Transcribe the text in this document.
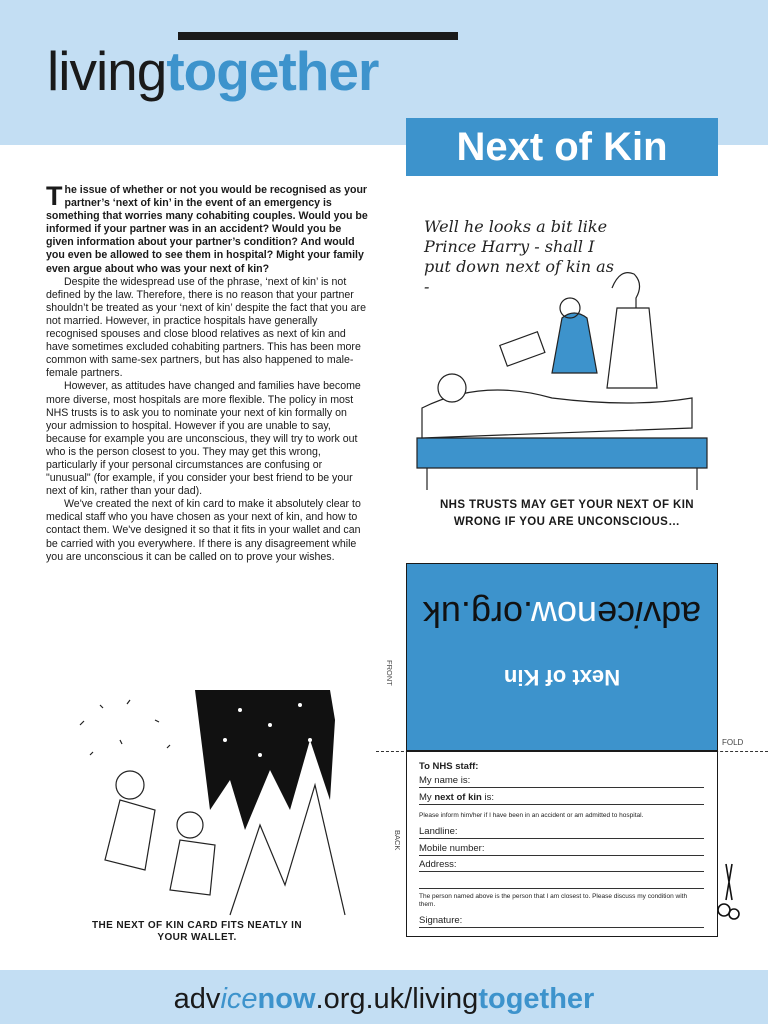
livingtogether
Next of Kin

The issue of whether or not you would be recognised as your partner’s ‘next of kin’ in the event of an emergency is something that worries many cohabiting couples. Would you be informed if your partner was in an accident? Would you be given information about your partner’s condition? And would you even be allowed to see them in hospital? Might your family even argue about who was your next of kin?

Despite the widespread use of the phrase, ‘next of kin’ is not defined by the law. Therefore, there is no reason that your partner shouldn’t be treated as your ‘next of kin’ despite the fact that you are not married. However, in practice hospitals have generally recognised spouses and close blood relatives as next of kin and have sometimes excluded cohabiting partners. This has been more common with same-sex partners, but has also happened to male-female partners.

However, as attitudes have changed and families have become more diverse, most hospitals are more flexible. The policy in most NHS trusts is to ask you to nominate your next of kin formally on your admission to hospital. However if you are unable to say, because for example you are unconscious, they will try to work out who is the person closest to you. They may get this wrong, particularly if your personal circumstances are confusing or "unusual" (for example, if you consider your best friend to be your next of kin, rather than your dad).

We've created the next of kin card to make it absolutely clear to medical staff who you have chosen as your next of kin, and how to contact them. We've designed it so that it fits in your wallet and can be carried with you everywhere. If there is any disagreement while you are unconscious it can be called on to prove your wishes.

Well he looks a bit like Prince Harry - shall I put down next of kin as -
NHS TRUSTS MAY GET YOUR NEXT OF KIN WRONG IF YOU ARE UNCONSCIOUS…
THE NEXT OF KIN CARD FITS NEATLY IN YOUR WALLET.
advicenow.org.uk
Next of Kin
FRONT
FOLD
BACK
To NHS staff:
My name is:
My next of kin is:
Please inform him/her if I have been in an accident or am admitted to hospital.
Landline:
Mobile number:
Address:
The person named above is the person that I am closest to. Please discuss my condition with them.
Signature:
advicenow.org.uk/livingtogether
